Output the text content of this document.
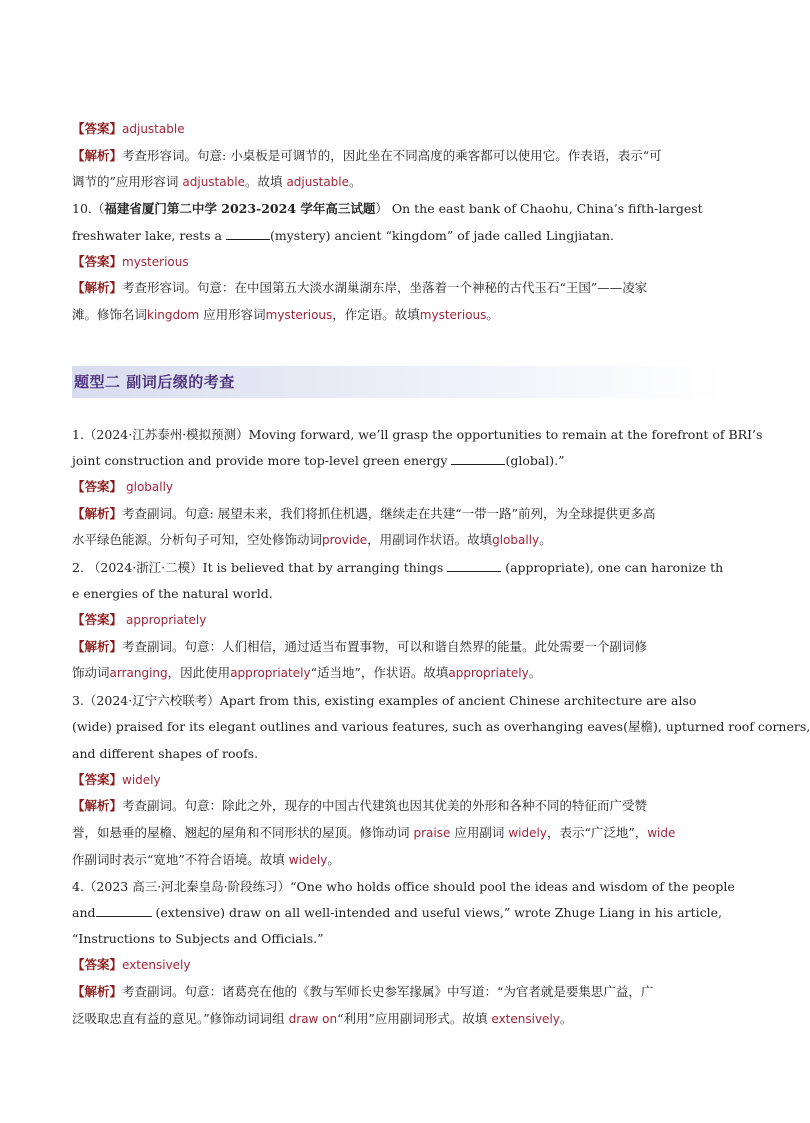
【答案】adjustable
【解析】考查形容词。句意: 小桌板是可调节的，因此坐在不同高度的乘客都可以使用它。作表语，表示“可
调节的”应用形容词 adjustable。故填 adjustable。
10.（福建省厦门第二中学 2023-2024 学年高三试题） On the east bank of Chaohu, China’s fifth-largest
freshwater lake, rests a	(mystery) ancient “kingdom” of jade called Lingjiatan.
【答案】mysterious
【解析】考查形容词。句意：在中国第五大淡水湖巢湖东岸，坐落着一个神秘的古代玉石“王国”——凌家
滩。修饰名词kingdom 应用形容词mysterious，作定语。故填mysterious。
题型二 副词后缀的考查
1.（2024·江苏泰州·模拟预测）Moving forward, we’ll grasp the opportunities to remain at the forefront of BRI’s
joint construction and provide more top-level green energy	(global).”
【答案】 globally
【解析】考查副词。句意: 展望未来，我们将抓住机遇，继续走在共建“一带一路”前列，为全球提供更多高
水平绿色能源。分析句子可知，空处修饰动词provide，用副词作状语。故填globally。
2. （2024·浙江·二模）It is believed that by arranging things	(appropriate), one can haronize th
e energies of the natural world.
【答案】 appropriately
【解析】考查副词。句意：人们相信，通过适当布置事物，可以和谐自然界的能量。此处需要一个副词修
饰动词arranging，因此使用appropriately“适当地”，作状语。故填appropriately。
3.（2024·辽宁六校联考）Apart from this, existing examples of ancient Chinese architecture are also
(wide) praised for its elegant outlines and various features, such as overhanging eaves(屋檐), upturned roof corners,
and different shapes of roofs.
【答案】widely
【解析】考查副词。句意：除此之外，现存的中国古代建筑也因其优美的外形和各种不同的特征而广受赞
誉，如悬垂的屋檐、翘起的屋角和不同形状的屋顶。修饰动词 praise 应用副词 widely，表示“广泛地”，wide
作副词时表示“宽地”不符合语境。故填 widely。
4.（2023 高三·河北秦皇岛·阶段练习）“One who holds office should pool the ideas and wisdom of the people
and	(extensive) draw on all well-intended and useful views,” wrote Zhuge Liang in his article,
“Instructions to Subjects and Officials.”
【答案】extensively
【解析】考查副词。句意：诸葛亮在他的《教与军师长史参军掾属》中写道：“为官者就是要集思广益，广
泛吸取忠直有益的意见。”修饰动词词组 draw on“利用”应用副词形式。故填 extensively。
